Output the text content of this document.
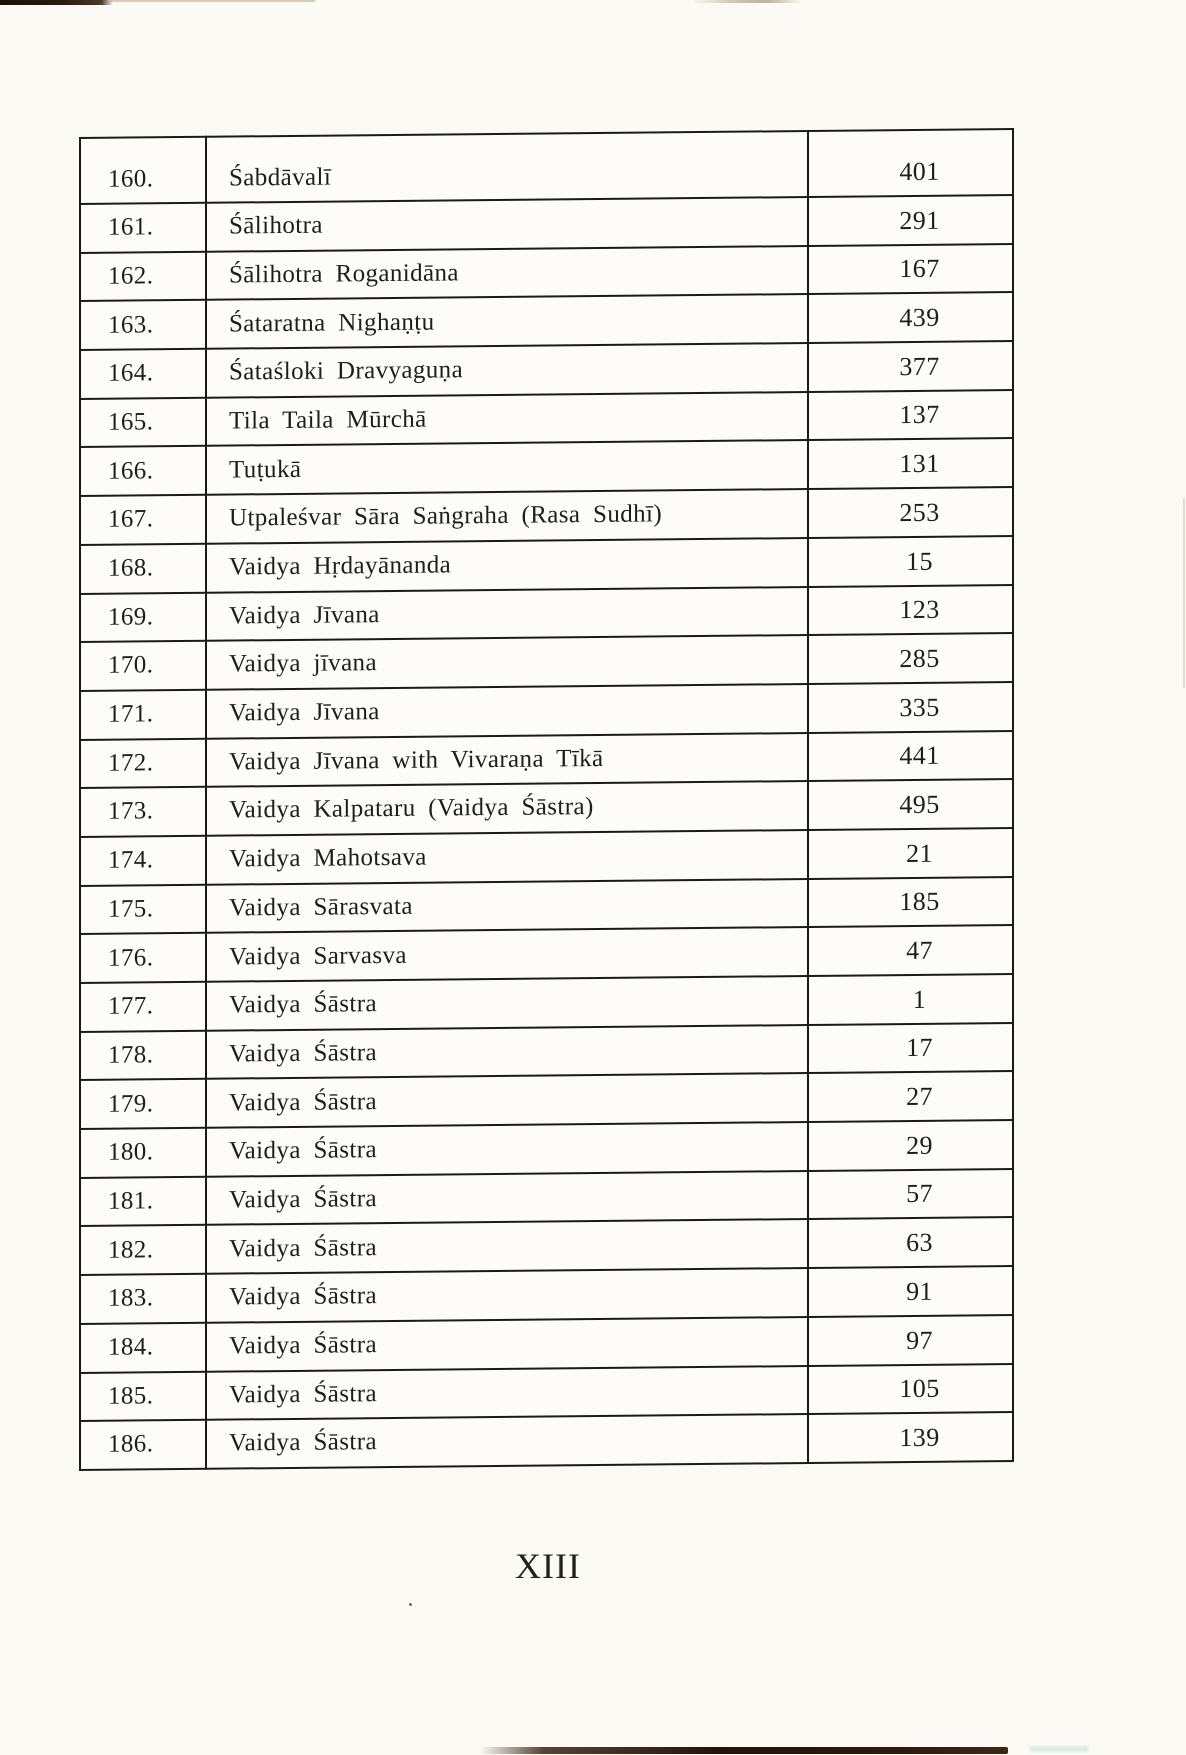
160.	Śabdāvalī	401
161.	Śālihotra	291
162.	Śālihotra Roganidāna	167
163.	Śataratna Nighaṇṭu	439
164.	Śataśloki Dravyaguṇa	377
165.	Tila Taila Mūrchā	137
166.	Tuṭukā	131
167.	Utpaleśvar Sāra Saṅgraha (Rasa Sudhī)	253
168.	Vaidya Hṛdayānanda	15
169.	Vaidya Jīvana	123
170.	Vaidya jīvana	285
171.	Vaidya Jīvana	335
172.	Vaidya Jīvana with Vivaraṇa Tīkā	441
173.	Vaidya Kalpataru (Vaidya Śāstra)	495
174.	Vaidya Mahotsava	21
175.	Vaidya Sārasvata	185
176.	Vaidya Sarvasva	47
177.	Vaidya Śāstra	1
178.	Vaidya Śāstra	17
179.	Vaidya Śāstra	27
180.	Vaidya Śāstra	29
181.	Vaidya Śāstra	57
182.	Vaidya Śāstra	63
183.	Vaidya Śāstra	91
184.	Vaidya Śāstra	97
185.	Vaidya Śāstra	105
186.	Vaidya Śāstra	139
XIII
